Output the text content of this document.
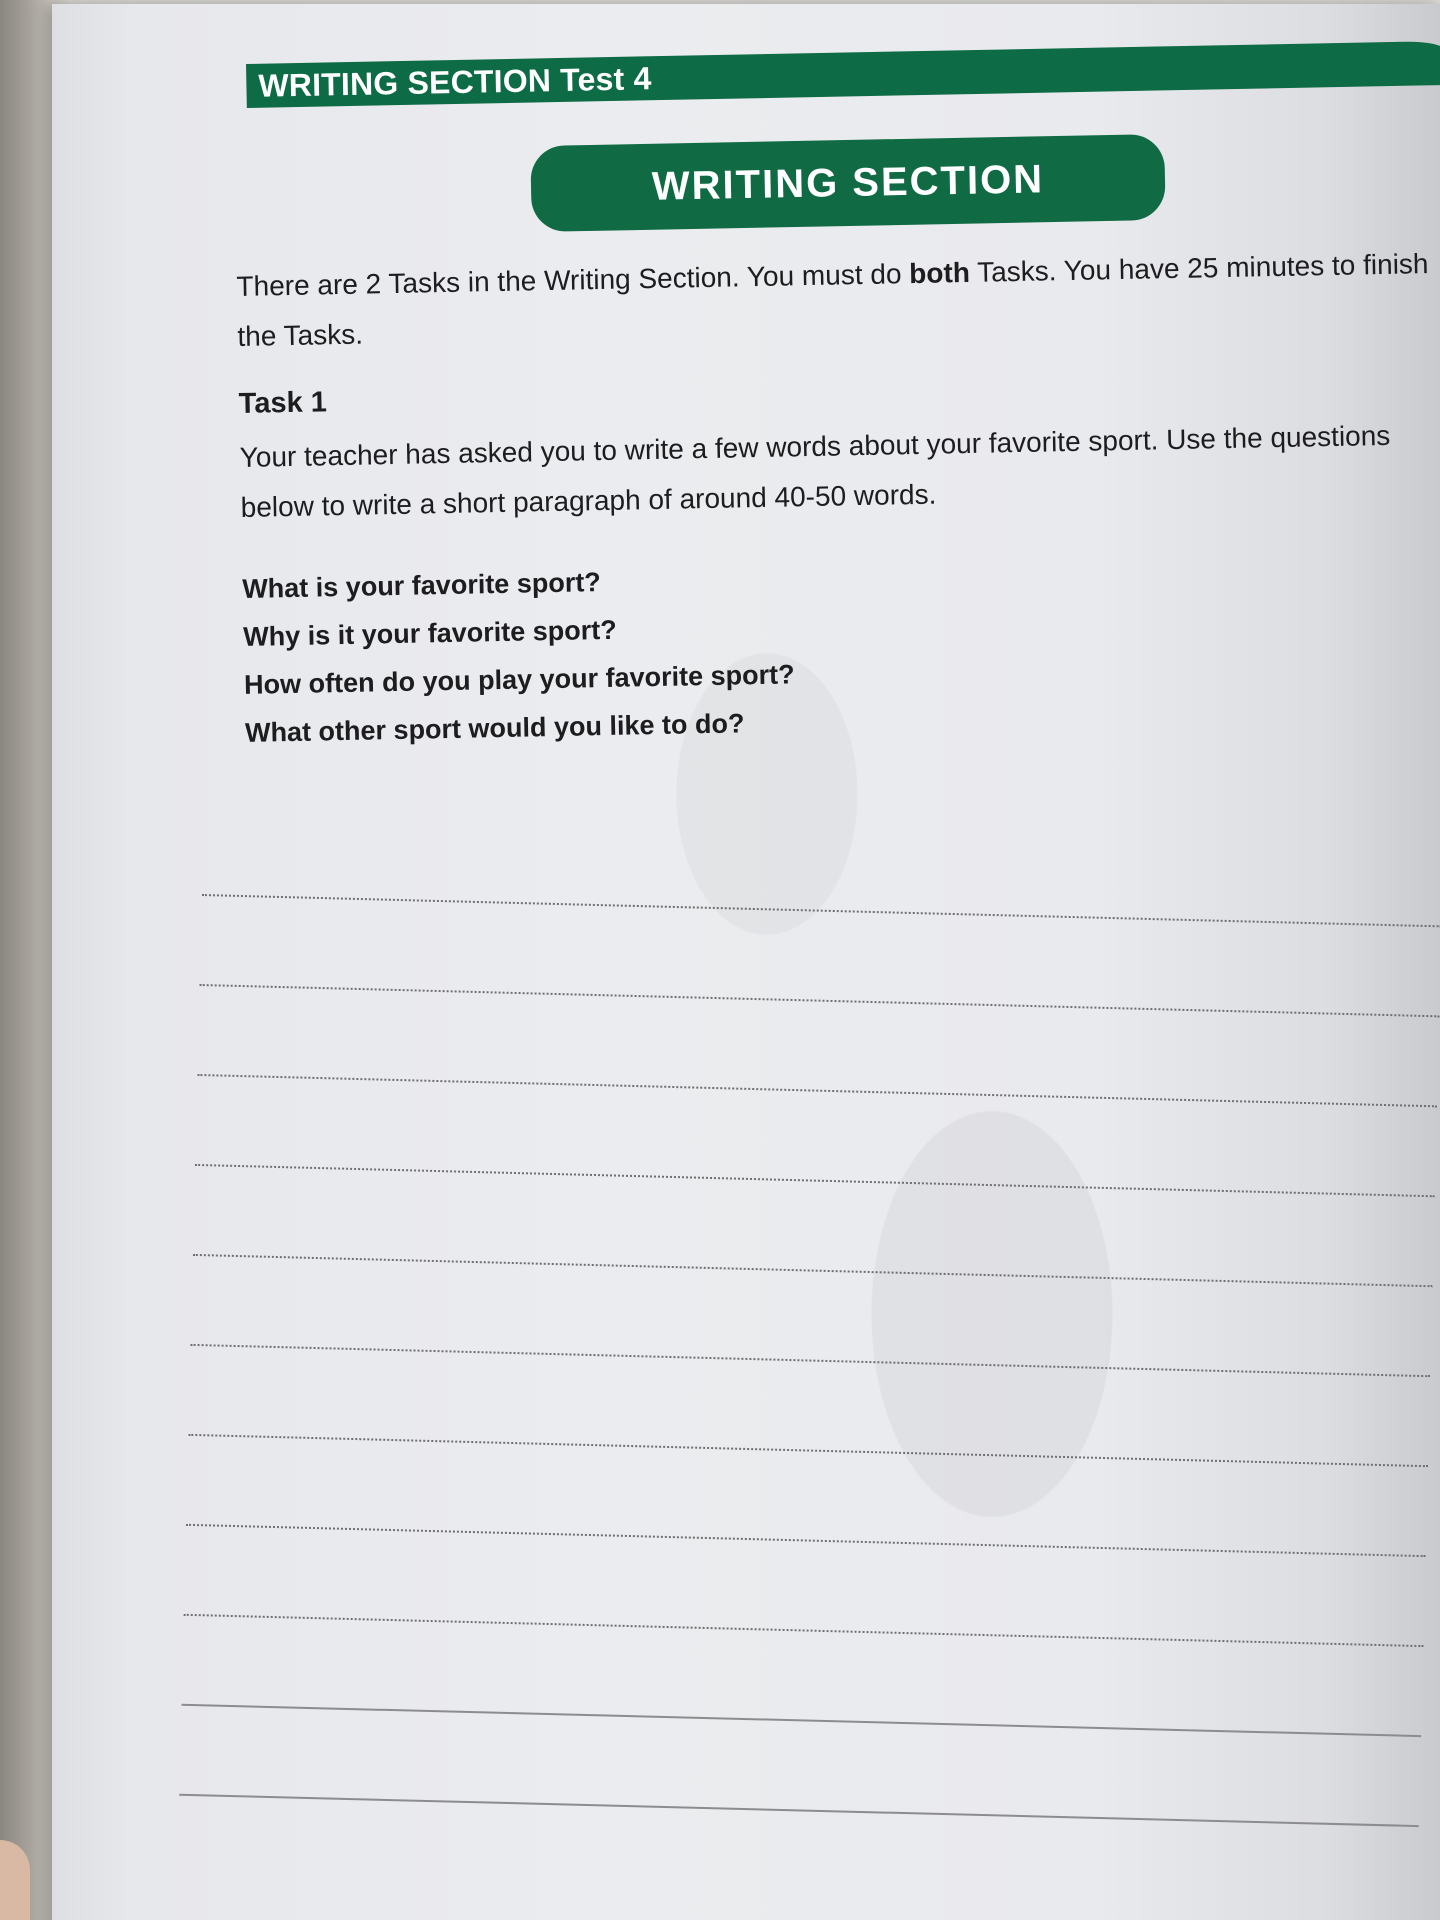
WRITING SECTION Test 4
WRITING SECTION

There are 2 Tasks in the Writing Section. You must do both Tasks. You have 25 minutes to finish the Tasks.

Task 1

Your teacher has asked you to write a few words about your favorite sport. Use the questions below to write a short paragraph of around 40-50 words.

What is your favorite sport?
Why is it your favorite sport?
How often do you play your favorite sport?
What other sport would you like to do?
